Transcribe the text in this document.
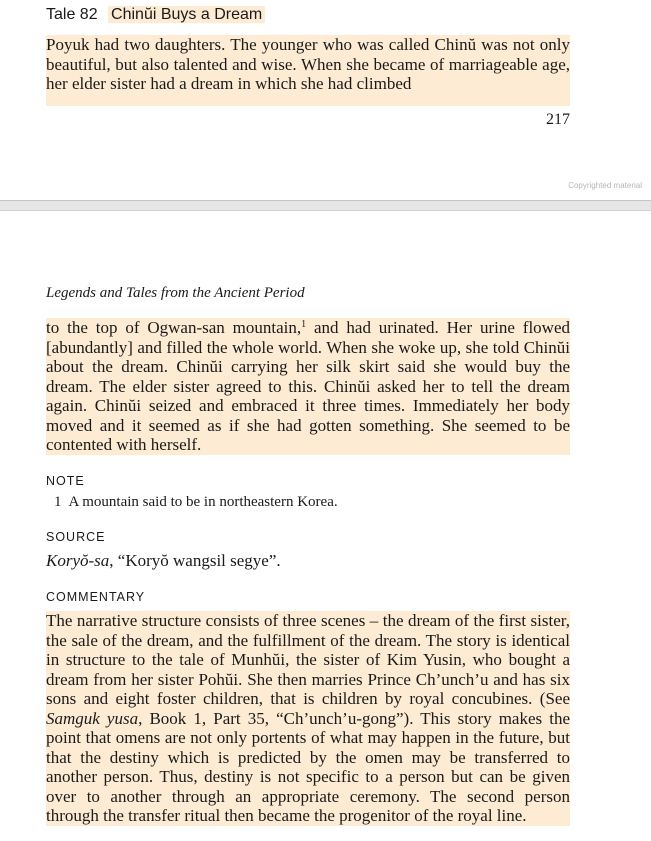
Tale 82 Chinŭi Buys a Dream

Poyuk had two daughters. The younger who was called Chinŭ was not only beautiful, but also talented and wise. When she became of marriageable age, her elder sister had a dream in which she had climbed

217
Copyrighted material
Legends and Tales from the Ancient Period

to the top of Ogwan-san mountain,$^1$ and had urinated. Her urine flowed [abundantly] and filled the whole world. When she woke up, she told Chinŭi about the dream. Chinŭi carrying her silk skirt said she would buy the dream. The elder sister agreed to this. Chinŭi asked her to tell the dream again. Chinŭi seized and embraced it three times. Immediately her body moved and it seemed as if she had gotten something. She seemed to be contented with herself.

NOTE
1 A mountain said to be in northeastern Korea.
SOURCE
Koryŏ-sa, “Koryŏ wangsil segye”.
COMMENTARY

The narrative structure consists of three scenes – the dream of the first sister, the sale of the dream, and the fulfillment of the dream. The story is identical in structure to the tale of Munhŭi, the sister of Kim Yusin, who bought a dream from her sister Pohŭi. She then marries Prince Ch’unch’u and has six sons and eight foster children, that is children by royal concubines. (See Samguk yusa, Book 1, Part 35, “Ch’unch’u-gong”). This story makes the point that omens are not only portents of what may happen in the future, but that the destiny which is predicted by the omen may be transferred to another person. Thus, destiny is not specific to a person but can be given over to another through an appropriate ceremony. The second person through the transfer ritual then became the progenitor of the royal line.
